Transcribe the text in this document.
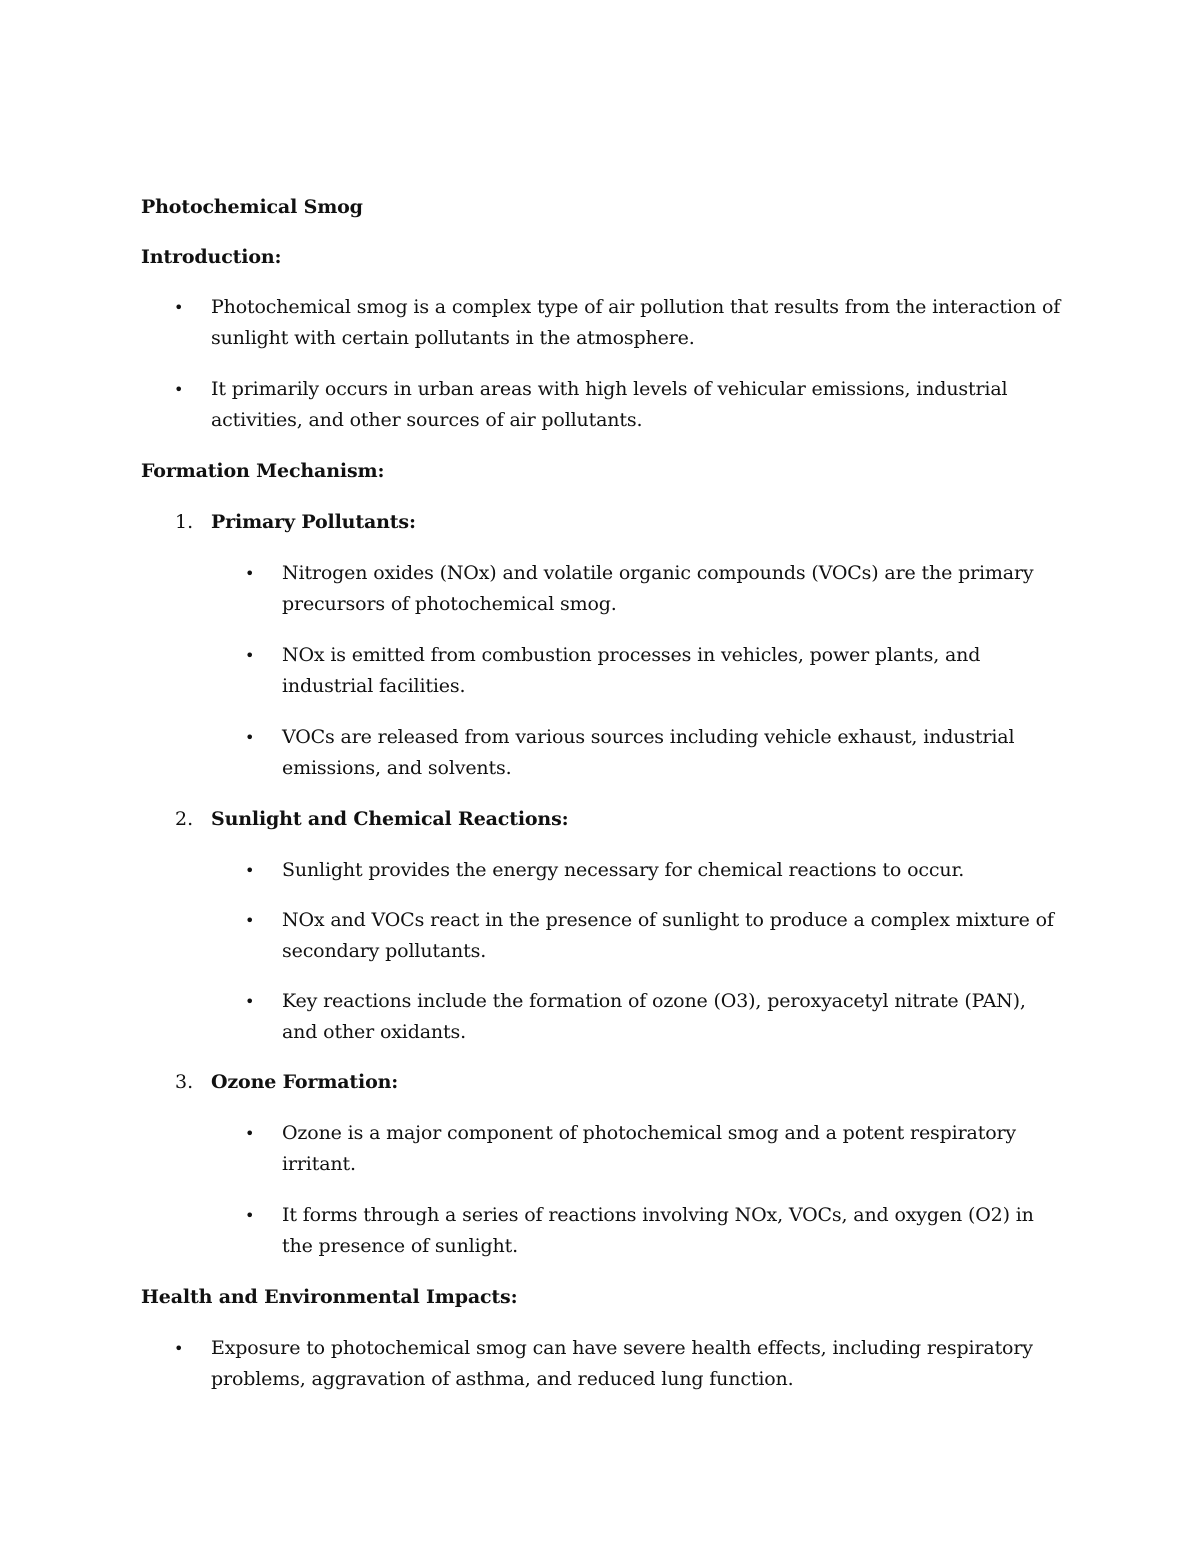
Photochemical Smog
Introduction:
• Photochemical smog is a complex type of air pollution that results from the interaction of
sunlight with certain pollutants in the atmosphere.
• It primarily occurs in urban areas with high levels of vehicular emissions, industrial
activities, and other sources of air pollutants.
Formation Mechanism:
1. Primary Pollutants:
• Nitrogen oxides (NOx) and volatile organic compounds (VOCs) are the primary
precursors of photochemical smog.
• NOx is emitted from combustion processes in vehicles, power plants, and
industrial facilities.
• VOCs are released from various sources including vehicle exhaust, industrial
emissions, and solvents.
2. Sunlight and Chemical Reactions:
• Sunlight provides the energy necessary for chemical reactions to occur.
• NOx and VOCs react in the presence of sunlight to produce a complex mixture of
secondary pollutants.
• Key reactions include the formation of ozone (O3), peroxyacetyl nitrate (PAN),
and other oxidants.
3. Ozone Formation:
• Ozone is a major component of photochemical smog and a potent respiratory
irritant.
• It forms through a series of reactions involving NOx, VOCs, and oxygen (O2) in
the presence of sunlight.
Health and Environmental Impacts:
• Exposure to photochemical smog can have severe health effects, including respiratory
problems, aggravation of asthma, and reduced lung function.
